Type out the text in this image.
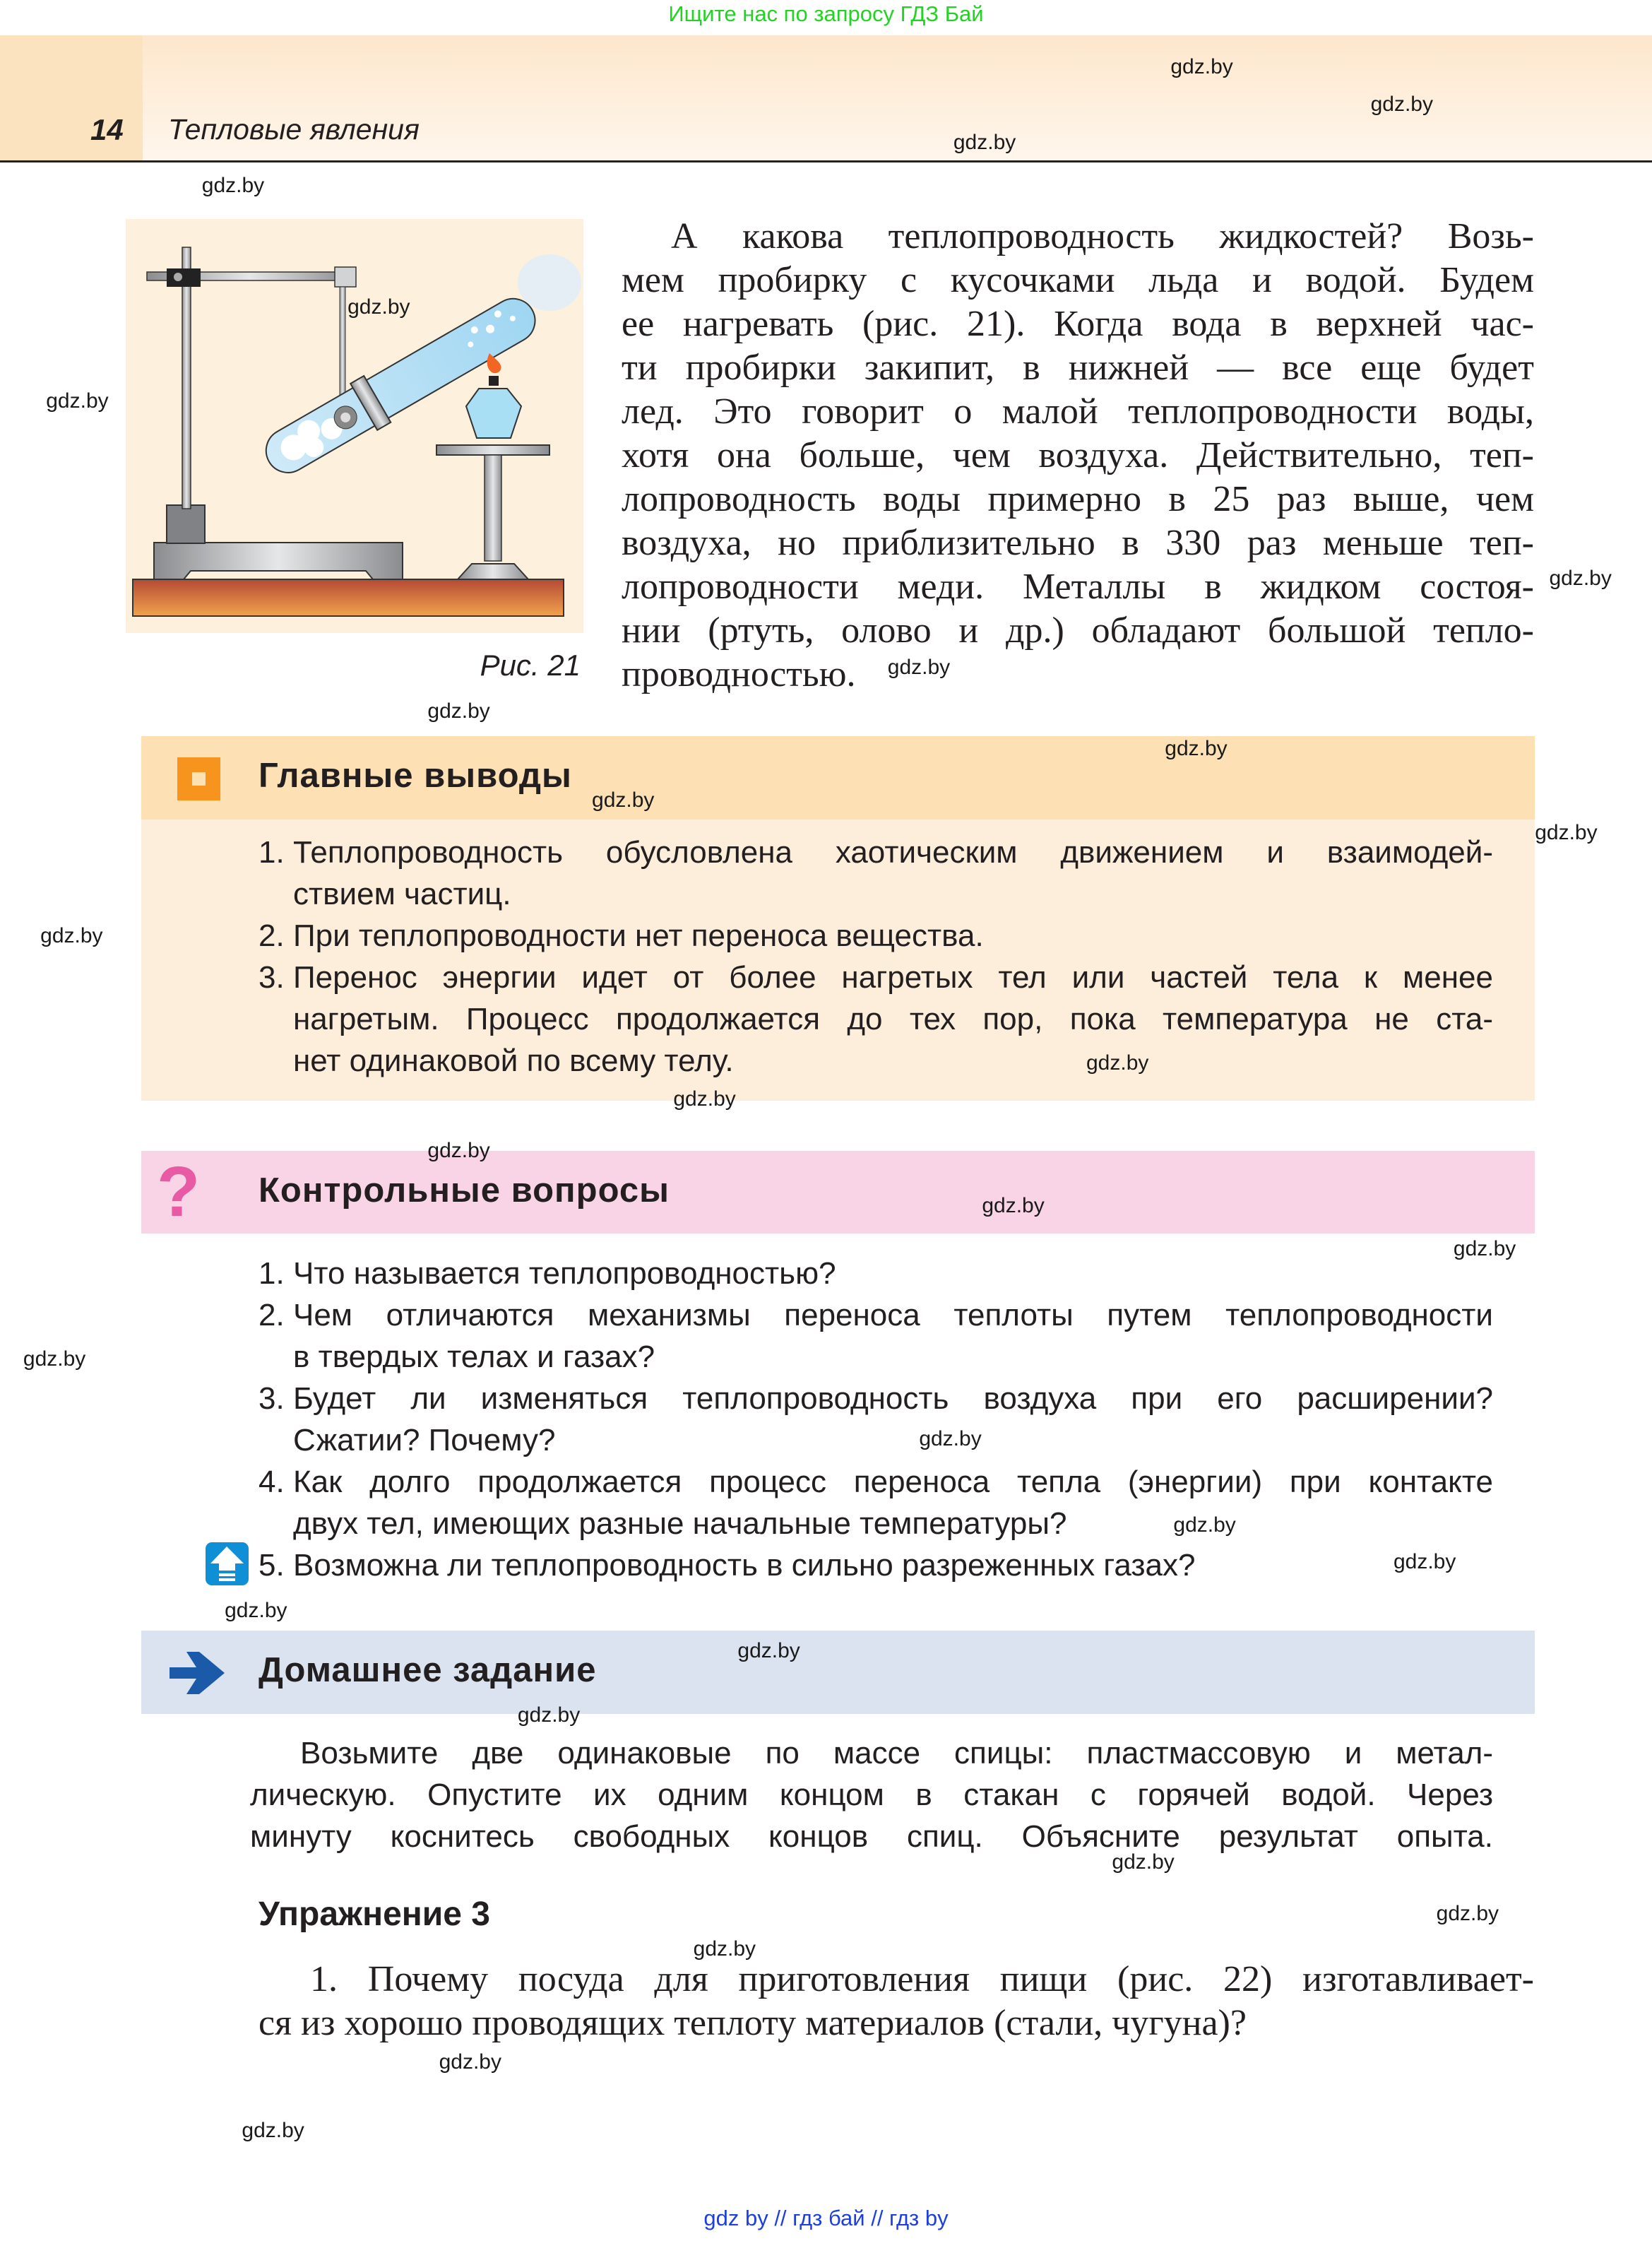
Ищите нас по запросу ГДЗ Бай
14 Тепловые явления
Рис. 21
А какова теплопроводность жидкостей? Возь-
мем пробирку с кусочками льда и водой. Будем
ее нагревать (рис. 21). Когда вода в верхней час-
ти пробирки закипит, в нижней — все еще будет
лед. Это говорит о малой теплопроводности воды,
хотя она больше, чем воздуха. Действительно, теп-
лопроводность воды примерно в 25 раз выше, чем
воздуха, но приблизительно в 330 раз меньше теп-
лопроводности меди. Металлы в жидком состоя-
нии (ртуть, олово и др.) обладают большой тепло-
проводностью.
Главные выводы
1. Теплопроводность обусловлена хаотическим движением и взаимодей-
ствием частиц.
2. При теплопроводности нет переноса вещества.
3. Перенос энергии идет от более нагретых тел или частей тела к менее
нагретым. Процесс продолжается до тех пор, пока температура не ста-
нет одинаковой по всему телу.
? Контрольные вопросы
1. Что называется теплопроводностью?
2. Чем отличаются механизмы переноса теплоты путем теплопроводности
в твердых телах и газах?
3. Будет ли изменяться теплопроводность воздуха при его расширении?
Сжатии? Почему?
4. Как долго продолжается процесс переноса тепла (энергии) при контакте
двух тел, имеющих разные начальные температуры?
5. Возможна ли теплопроводность в сильно разреженных газах?
Домашнее задание
Возьмите две одинаковые по массе спицы: пластмассовую и метал-
лическую. Опустите их одним концом в стакан с горячей водой. Через
минуту коснитесь свободных концов спиц. Объясните результат опыта.
Упражнение 3
1. Почему посуда для приготовления пищи (рис. 22) изготавливает-
ся из хорошо проводящих теплоту материалов (стали, чугуна)?
gdz by // гдз бай // гдз by
gdz.by
gdz.by
gdz.by
gdz.by
gdz.by
gdz.by
gdz.by
gdz.by
gdz.by
gdz.by
gdz.by
gdz.by
gdz.by
gdz.by
gdz.by
gdz.by
gdz.by
gdz.by
gdz.by
gdz.by
gdz.by
gdz.by
gdz.by
gdz.by
gdz.by
gdz.by
gdz.by
gdz.by
gdz.by
gdz.by
